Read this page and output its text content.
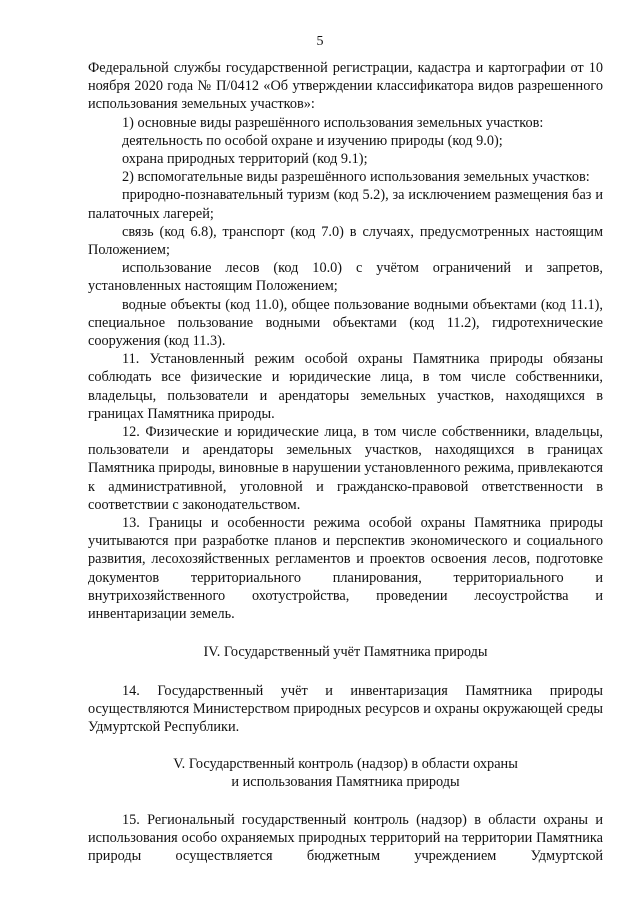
5

Федеральной службы государственной регистрации, кадастра и картографии от 10 ноября 2020 года № П/0412 «Об утверждении классификатора видов разрешенного использования земельных участков»:

1) основные виды разрешённого использования земельных участков:

деятельность по особой охране и изучению природы (код 9.0);

охрана природных территорий (код 9.1);

2) вспомогательные виды разрешённого использования земельных участков:

природно-познавательный туризм (код 5.2), за исключением размещения баз и палаточных лагерей;

связь (код 6.8), транспорт (код 7.0) в случаях, предусмотренных настоящим Положением;

использование лесов (код 10.0) с учётом ограничений и запретов, установленных настоящим Положением;

водные объекты (код 11.0), общее пользование водными объектами (код 11.1), специальное пользование водными объектами (код 11.2), гидротехнические сооружения (код 11.3).

11. Установленный режим особой охраны Памятника природы обязаны соблюдать все физические и юридические лица, в том числе собственники, владельцы, пользователи и арендаторы земельных участков, находящихся в границах Памятника природы.

12. Физические и юридические лица, в том числе собственники, владельцы, пользователи и арендаторы земельных участков, находящихся в границах Памятника природы, виновные в нарушении установленного режима, привлекаются к административной, уголовной и гражданско-правовой ответственности в соответствии с законодательством.

13. Границы и особенности режима особой охраны Памятника природы учитываются при разработке планов и перспектив экономического и социального развития, лесохозяйственных регламентов и проектов освоения лесов, подготовке документов территориального планирования, территориального и внутрихозяйственного охотустройства, проведении лесоустройства и инвентаризации земель.

IV. Государственный учёт Памятника природы

14. Государственный учёт и инвентаризация Памятника природы осуществляются Министерством природных ресурсов и охраны окружающей среды Удмуртской Республики.

V. Государственный контроль (надзор) в области охраны
и использования Памятника природы

15. Региональный государственный контроль (надзор) в области охраны и использования особо охраняемых природных территорий на территории Памятника природы осуществляется бюджетным учреждением Удмуртской
